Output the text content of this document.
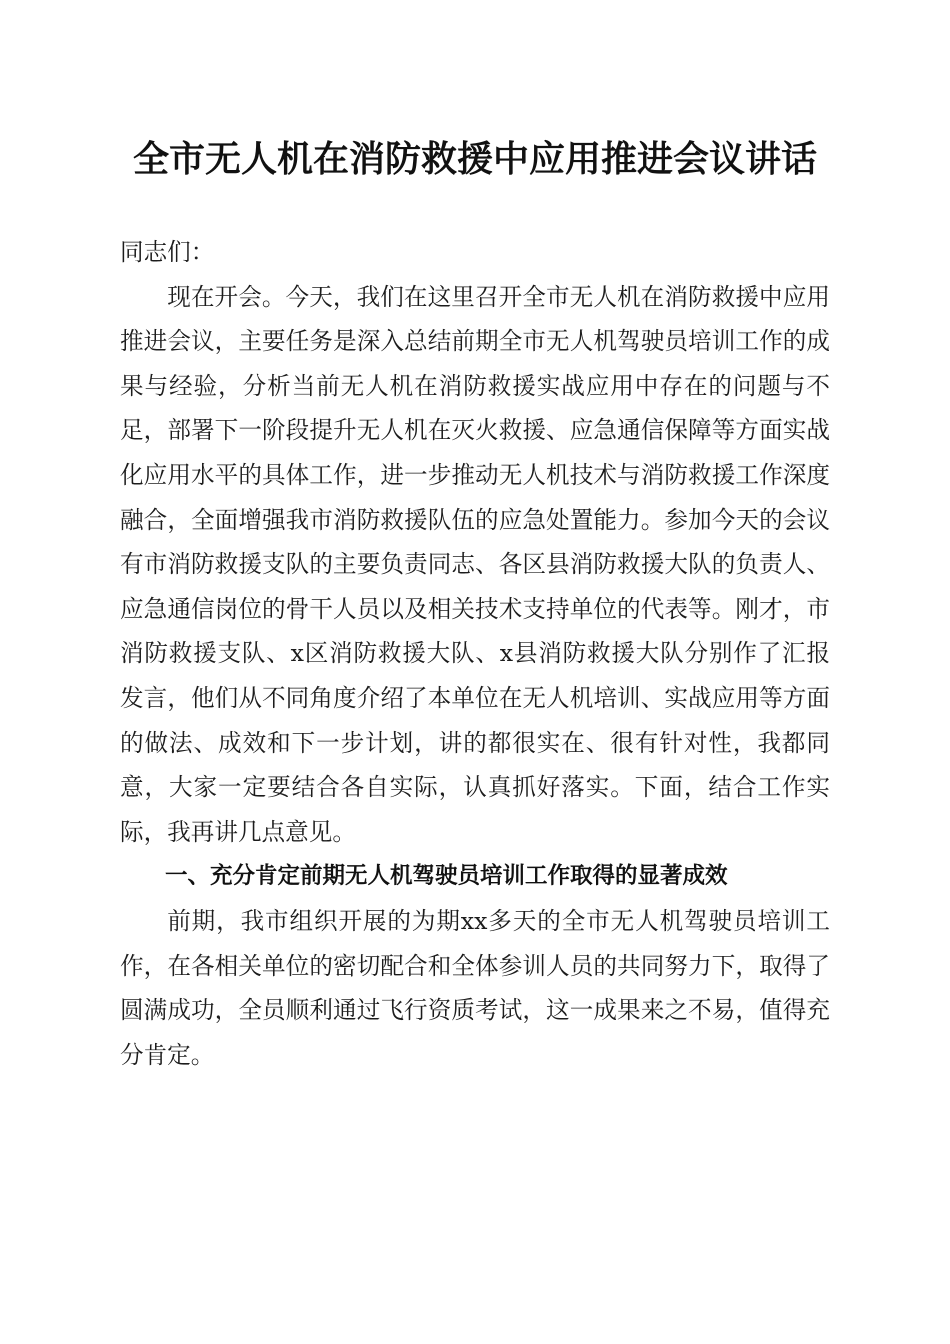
全市无人机在消防救援中应用推进会议讲话

同志们：

现在开会。今天，我们在这里召开全市无人机在消防救援中应用推进会议，主要任务是深入总结前期全市无人机驾驶员培训工作的成果与经验，分析当前无人机在消防救援实战应用中存在的问题与不足，部署下一阶段提升无人机在灭火救援、应急通信保障等方面实战化应用水平的具体工作，进一步推动无人机技术与消防救援工作深度融合，全面增强我市消防救援队伍的应急处置能力。参加今天的会议有市消防救援支队的主要负责同志、各区县消防救援大队的负责人、应急通信岗位的骨干人员以及相关技术支持单位的代表等。刚才，市消防救援支队、x区消防救援大队、x县消防救援大队分别作了汇报发言，他们从不同角度介绍了本单位在无人机培训、实战应用等方面的做法、成效和下一步计划，讲的都很实在、很有针对性，我都同意，大家一定要结合各自实际，认真抓好落实。下面，结合工作实际，我再讲几点意见。

一、充分肯定前期无人机驾驶员培训工作取得的显著成效

前期，我市组织开展的为期xx多天的全市无人机驾驶员培训工作，在各相关单位的密切配合和全体参训人员的共同努力下，取得了圆满成功，全员顺利通过飞行资质考试，这一成果来之不易，值得充分肯定。
